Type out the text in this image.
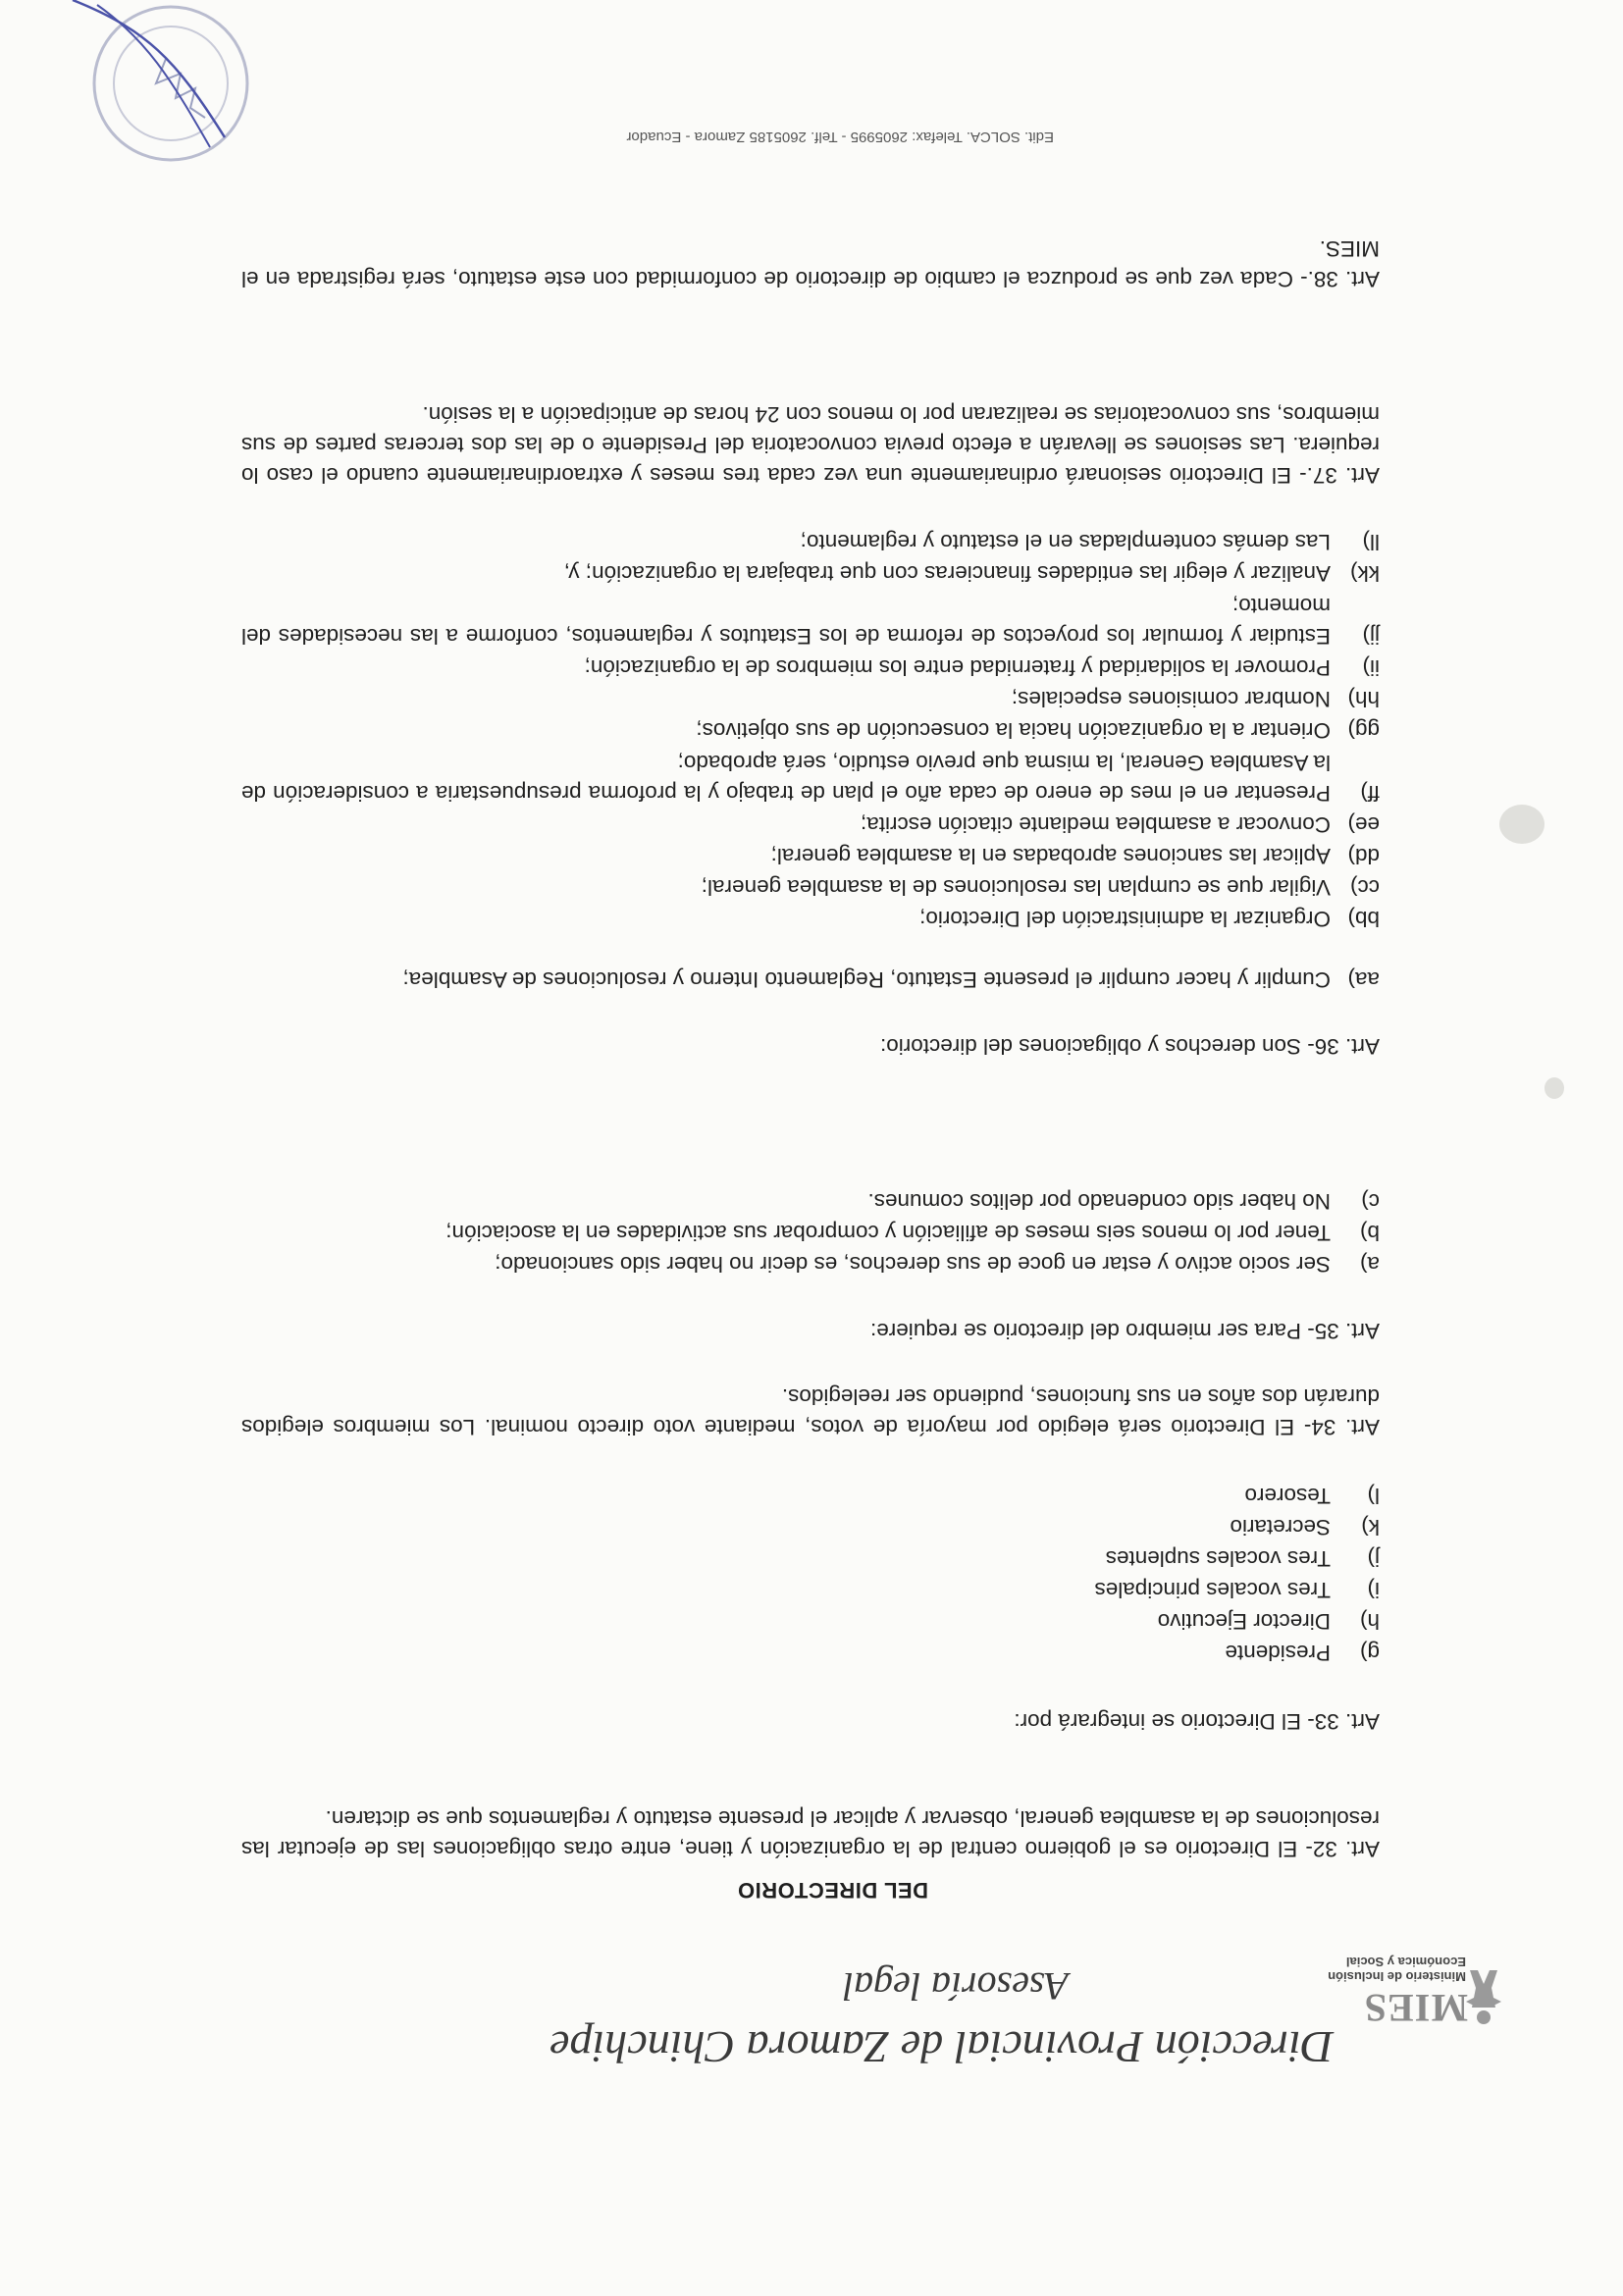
MIES
Ministerio de Inclusión
Económica y Social
Dirección Provincial de Zamora Chinchipe
Asesoría legal
DEL DIRECTORIO
Art. 32- El Directorio es el gobierno central de la organización y tiene, entre otras obligaciones las de ejecutar las resoluciones de la asamblea general, observar y aplicar el presente estatuto y reglamentos que se dictaren.
Art. 33- El Directorio se integrará por:
g)
Presidente
h)
Director Ejecutivo
i)
Tres vocales principales
j)
Tres vocales suplentes
k)
Secretario
l)
Tesorero
Art. 34- El Directorio será elegido por mayoría de votos, mediante voto directo nominal. Los miembros elegidos durarán dos años en sus funciones, pudiendo ser reelegidos.
Art. 35- Para ser miembro del directorio se requiere:
a)
Ser socio activo y estar en goce de sus derechos, es decir no haber sido sancionado;
b)
Tener por lo menos seis meses de afiliación y comprobar sus actividades en la asociación;
c)
No haber sido condenado por delitos comunes.
Art. 36- Son derechos y obligaciones del directorio:
aa)
Cumplir y hacer cumplir el presente Estatuto, Reglamento Interno y resoluciones de Asamblea;
bb)
Organizar la administración del Directorio;
cc)
Vigilar que se cumplan las resoluciones de la asamblea general;
dd)
Aplicar las sanciones aprobadas en la asamblea general;
ee)
Convocar a asamblea mediante citación escrita;
ff)
Presentar en el mes de enero de cada año el plan de trabajo y la proforma presupuestaria a consideración de la Asamblea General, la misma que previo estudio, será aprobado;
gg)
Orientar a la organización hacia la consecución de sus objetivos;
hh)
Nombrar comisiones especiales;
ii)
Promover la solidaridad y fraternidad entre los miembros de la organización;
jj)
Estudiar y formular los proyectos de reforma de los Estatutos y reglamentos, conforme a las necesidades del momento;
kk)
Analizar y elegir las entidades financieras con que trabajara la organización; y,
ll)
Las demás contempladas en el estatuto y reglamento;
Art. 37.- El Directorio sesionará ordinariamente una vez cada tres meses y extraordinariamente cuando el caso lo requiera. Las sesiones se llevarán a efecto previa convocatoria del Presidente o de las dos terceras partes de sus miembros, sus convocatorias se realizaran por lo menos con 24 horas de anticipación a la sesión.
Art. 38.- Cada vez que se produzca el cambio de directorio de conformidad con este estatuto, será registrada en el MIES.
Edit. SOLCA. Telefax: 2605995 - Telf. 2605185 Zamora - Ecuador
